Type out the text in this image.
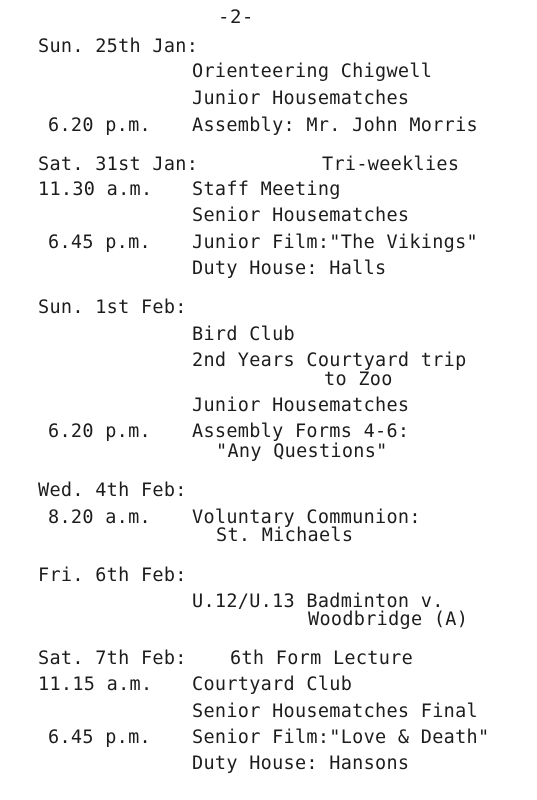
-2-
Sun. 25th Jan:
Orienteering Chigwell
Junior Housematches
6.20 p.m. Assembly: Mr. John Morris
Sat. 31st Jan:	Tri-weeklies
11.30 a.m. Staff Meeting
Senior Housematches
6.45 p.m. Junior Film:"The Vikings"
Duty House: Halls
Sun. 1st Feb:
Bird Club
2nd Years Courtyard trip
to Zoo
Junior Housematches
6.20 p.m. Assembly Forms 4-6:
"Any Questions"
Wed. 4th Feb:
8.20 a.m. Voluntary Communion:
St. Michaels
Fri. 6th Feb:
U.12/U.13 Badminton v.
Woodbridge (A)
Sat. 7th Feb: 6th Form Lecture
11.15 a.m. Courtyard Club
Senior Housematches Final
6.45 p.m. Senior Film:"Love & Death"
Duty House: Hansons
